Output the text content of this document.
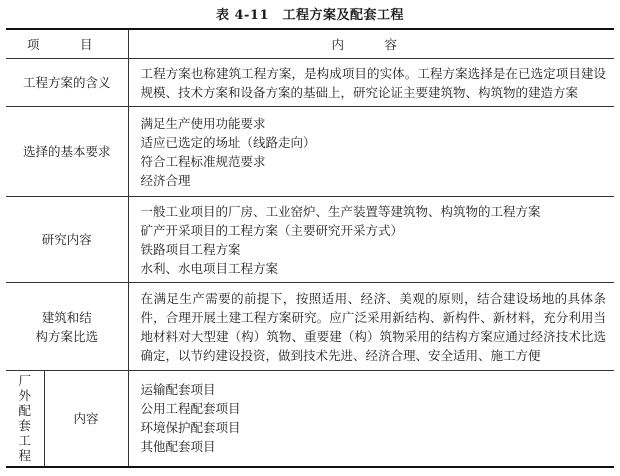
表 4-11　工程方案及配套工程
项　目		内　容
工程方案的含义		工程方案也称建筑工程方案，是构成项目的实体。工程方案选择是在已选定项目建设规模、技术方案和设备方案的基础上，研究论证主要建筑物、构筑物的建造方案
选择的基本要求		满足生产使用功能要求
适应已选定的场址（线路走向）
符合工程标准规范要求
经济合理

研究内容		一般工业项目的厂房、工业窑炉、生产装置等建筑物、构筑物的工程方案
矿产开采项目的工程方案（主要研究开采方式）
铁路项目工程方案
水利、水电项目工程方案

建筑和结
构方案比选		在满足生产需要的前提下，按照适用、经济、美观的原则，结合建设场地的具体条件，合理开展土建工程方案研究。应广泛采用新结构、新构件、新材料，充分利用当地材料对大型建（构）筑物、重要建（构）筑物采用的结构方案应通过经济技术比选确定，以节约建设投资，做到技术先进、经济合理、安全适用、施工方便

厂外配套工程	内容	运输配套项目
公用工程配套项目
环境保护配套项目
其他配套项目
